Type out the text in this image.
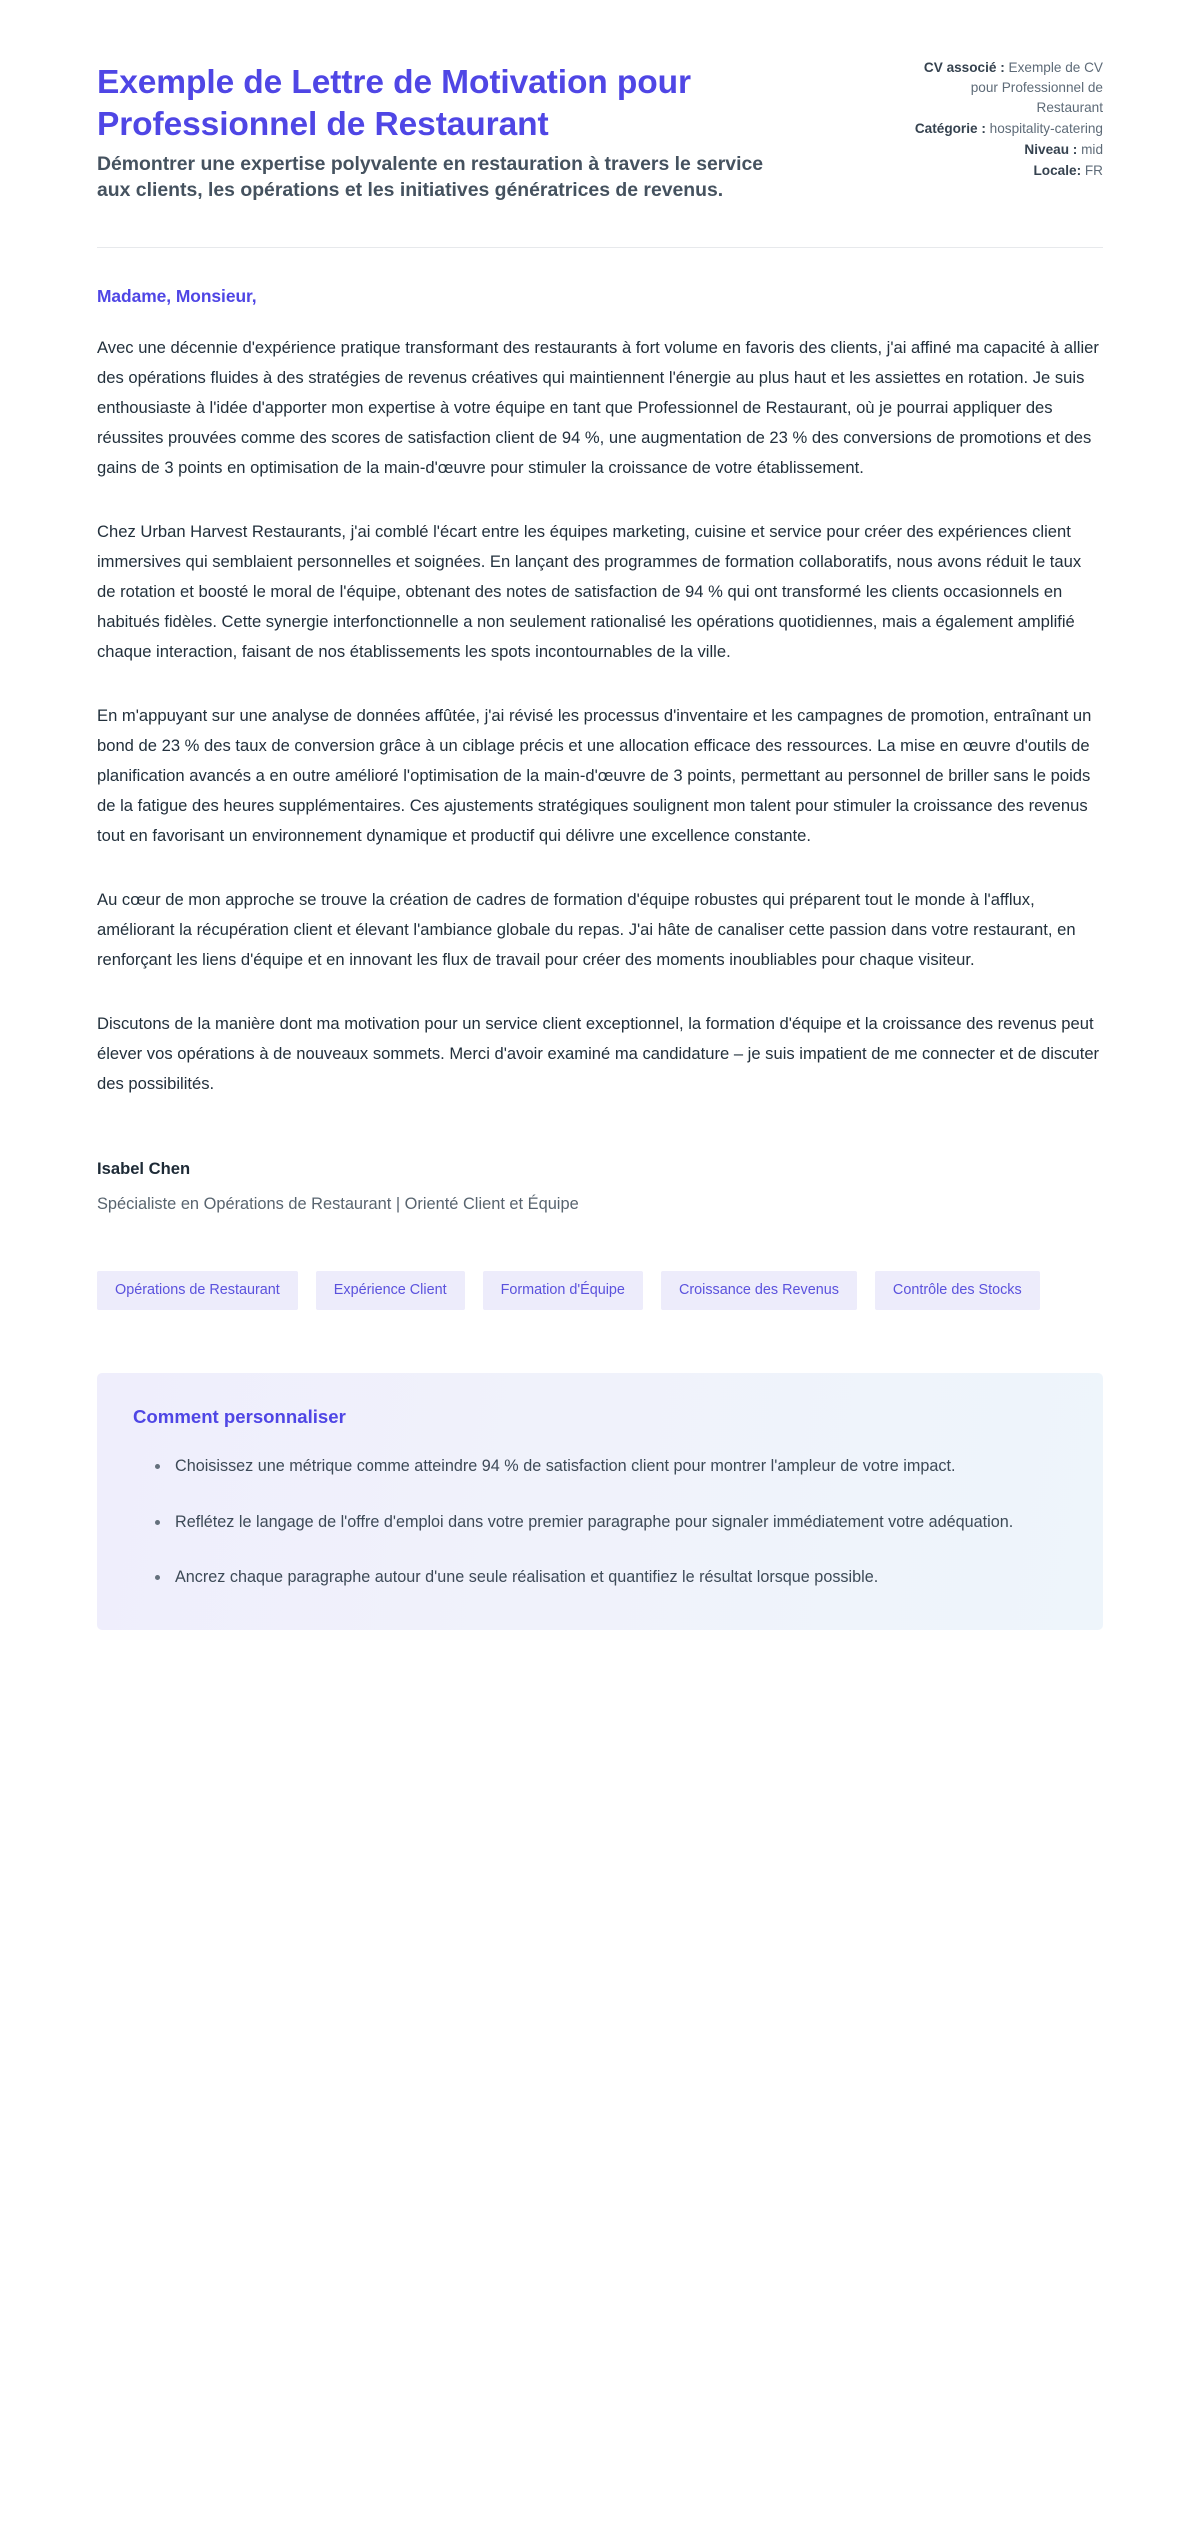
Exemple de Lettre de Motivation pour Professionnel de Restaurant

Démontrer une expertise polyvalente en restauration à travers le service aux clients, les opérations et les initiatives génératrices de revenus.

CV associé : Exemple de CV pour Professionnel de Restaurant

Catégorie : hospitality-catering

Niveau : mid

Locale: FR

Madame, Monsieur,

Avec une décennie d'expérience pratique transformant des restaurants à fort volume en favoris des clients, j'ai affiné ma capacité à allier des opérations fluides à des stratégies de revenus créatives qui maintiennent l'énergie au plus haut et les assiettes en rotation. Je suis enthousiaste à l'idée d'apporter mon expertise à votre équipe en tant que Professionnel de Restaurant, où je pourrai appliquer des réussites prouvées comme des scores de satisfaction client de 94 %, une augmentation de 23 % des conversions de promotions et des gains de 3 points en optimisation de la main-d'œuvre pour stimuler la croissance de votre établissement.

Chez Urban Harvest Restaurants, j'ai comblé l'écart entre les équipes marketing, cuisine et service pour créer des expériences client immersives qui semblaient personnelles et soignées. En lançant des programmes de formation collaboratifs, nous avons réduit le taux de rotation et boosté le moral de l'équipe, obtenant des notes de satisfaction de 94 % qui ont transformé les clients occasionnels en habitués fidèles. Cette synergie interfonctionnelle a non seulement rationalisé les opérations quotidiennes, mais a également amplifié chaque interaction, faisant de nos établissements les spots incontournables de la ville.

En m'appuyant sur une analyse de données affûtée, j'ai révisé les processus d'inventaire et les campagnes de promotion, entraînant un bond de 23 % des taux de conversion grâce à un ciblage précis et une allocation efficace des ressources. La mise en œuvre d'outils de planification avancés a en outre amélioré l'optimisation de la main-d'œuvre de 3 points, permettant au personnel de briller sans le poids de la fatigue des heures supplémentaires. Ces ajustements stratégiques soulignent mon talent pour stimuler la croissance des revenus tout en favorisant un environnement dynamique et productif qui délivre une excellence constante.

Au cœur de mon approche se trouve la création de cadres de formation d'équipe robustes qui préparent tout le monde à l'afflux, améliorant la récupération client et élevant l'ambiance globale du repas. J'ai hâte de canaliser cette passion dans votre restaurant, en renforçant les liens d'équipe et en innovant les flux de travail pour créer des moments inoubliables pour chaque visiteur.

Discutons de la manière dont ma motivation pour un service client exceptionnel, la formation d'équipe et la croissance des revenus peut élever vos opérations à de nouveaux sommets. Merci d'avoir examiné ma candidature – je suis impatient de me connecter et de discuter des possibilités.

Isabel Chen

Spécialiste en Opérations de Restaurant | Orienté Client et Équipe

Opérations de Restaurant	Expérience Client	Formation d'Équipe	Croissance des Revenus	Contrôle des Stocks
Comment personnaliser
Choisissez une métrique comme atteindre 94 % de satisfaction client pour montrer l'ampleur de votre impact.
Reflétez le langage de l'offre d'emploi dans votre premier paragraphe pour signaler immédiatement votre adéquation.
Ancrez chaque paragraphe autour d'une seule réalisation et quantifiez le résultat lorsque possible.
